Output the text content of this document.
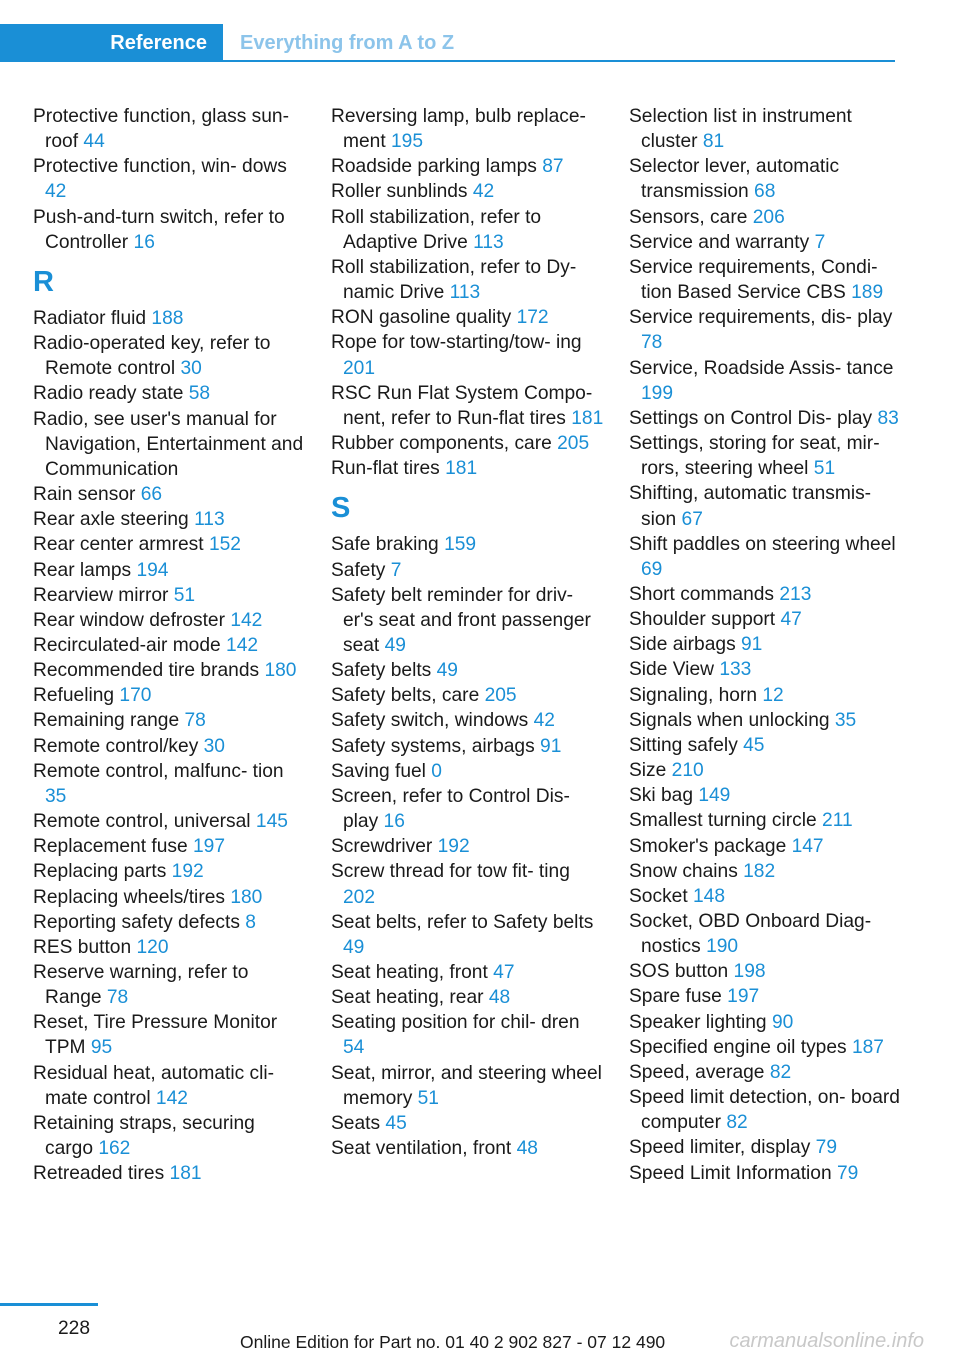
Reference	Everything from A to Z
Protective function, glass sun- roof 44
Protective function, win- dows 42
Push-and-turn switch, refer to Controller 16
R
Radiator fluid 188
Radio-operated key, refer to Remote control 30
Radio ready state 58
Radio, see user's manual for Navigation, Entertainment and Communication
Rain sensor 66
Rear axle steering 113
Rear center armrest 152
Rear lamps 194
Rearview mirror 51
Rear window defroster 142
Recirculated-air mode 142
Recommended tire brands 180
Refueling 170
Remaining range 78
Remote control/key 30
Remote control, malfunc- tion 35
Remote control, universal 145
Replacement fuse 197
Replacing parts 192
Replacing wheels/tires 180
Reporting safety defects 8
RES button 120
Reserve warning, refer to Range 78
Reset, Tire Pressure Monitor TPM 95
Residual heat, automatic cli- mate control 142
Retaining straps, securing cargo 162
Retreaded tires 181
Reversing lamp, bulb replace- ment 195
Roadside parking lamps 87
Roller sunblinds 42
Roll stabilization, refer to Adaptive Drive 113
Roll stabilization, refer to Dy- namic Drive 113
RON gasoline quality 172
Rope for tow-starting/tow- ing 201
RSC Run Flat System Compo- nent, refer to Run-flat tires 181
Rubber components, care 205
Run-flat tires 181
S
Safe braking 159
Safety 7
Safety belt reminder for driv- er's seat and front passenger seat 49
Safety belts 49
Safety belts, care 205
Safety switch, windows 42
Safety systems, airbags 91
Saving fuel 0
Screen, refer to Control Dis- play 16
Screwdriver 192
Screw thread for tow fit- ting 202
Seat belts, refer to Safety belts 49
Seat heating, front 47
Seat heating, rear 48
Seating position for chil- dren 54
Seat, mirror, and steering wheel memory 51
Seats 45
Seat ventilation, front 48
Selection list in instrument cluster 81
Selector lever, automatic transmission 68
Sensors, care 206
Service and warranty 7
Service requirements, Condi- tion Based Service CBS 189
Service requirements, dis- play 78
Service, Roadside Assis- tance 199
Settings on Control Dis- play 83
Settings, storing for seat, mir- rors, steering wheel 51
Shifting, automatic transmis- sion 67
Shift paddles on steering wheel 69
Short commands 213
Shoulder support 47
Side airbags 91
Side View 133
Signaling, horn 12
Signals when unlocking 35
Sitting safely 45
Size 210
Ski bag 149
Smallest turning circle 211
Smoker's package 147
Snow chains 182
Socket 148
Socket, OBD Onboard Diag- nostics 190
SOS button 198
Spare fuse 197
Speaker lighting 90
Specified engine oil types 187
Speed, average 82
Speed limit detection, on- board computer 82
Speed limiter, display 79
Speed Limit Information 79
228
Online Edition for Part no. 01 40 2 902 827 - 07 12 490	carmanualsonline.info
